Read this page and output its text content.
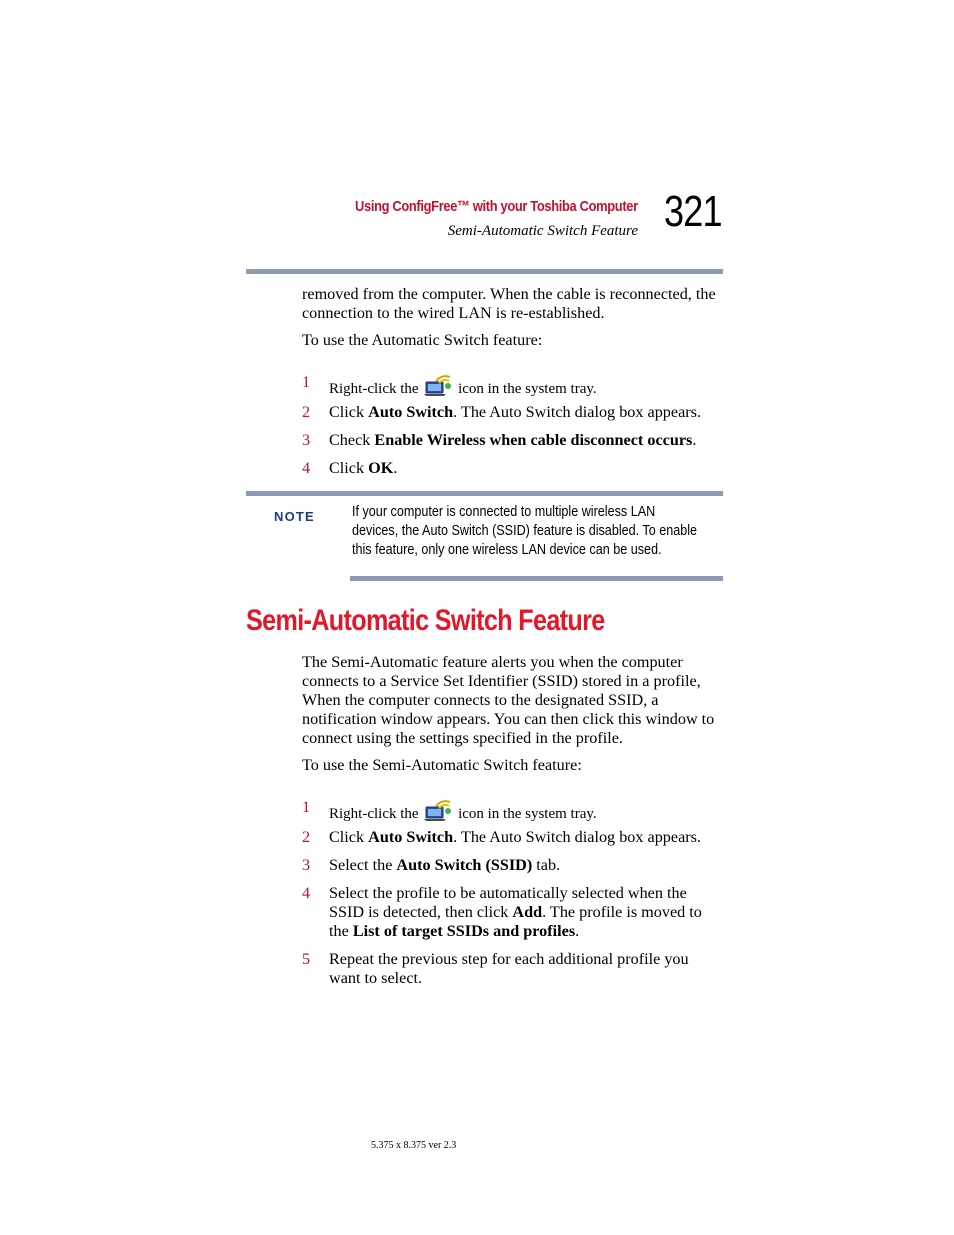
Using ConfigFree™ with your Toshiba Computer
Semi-Automatic Switch Feature 321
removed from the computer. When the cable is reconnected, the connection to the wired LAN is re-established.
To use the Automatic Switch feature:
1 Right-click the	icon in the system tray.
2 Click Auto Switch. The Auto Switch dialog box appears.
3 Check Enable Wireless when cable disconnect occurs.
4 Click OK.
NOTE If your computer is connected to multiple wireless LAN devices, the Auto Switch (SSID) feature is disabled. To enable this feature, only one wireless LAN device can be used.
Semi-Automatic Switch Feature
The Semi-Automatic feature alerts you when the computer connects to a Service Set Identifier (SSID) stored in a profile, When the computer connects to the designated SSID, a notification window appears. You can then click this window to connect using the settings specified in the profile.
To use the Semi-Automatic Switch feature:
1 Right-click the	icon in the system tray.
2 Click Auto Switch. The Auto Switch dialog box appears.
3 Select the Auto Switch (SSID) tab.
4 Select the profile to be automatically selected when the SSID is detected, then click Add. The profile is moved to the List of target SSIDs and profiles.
5 Repeat the previous step for each additional profile you want to select.
5.375 x 8.375 ver 2.3
